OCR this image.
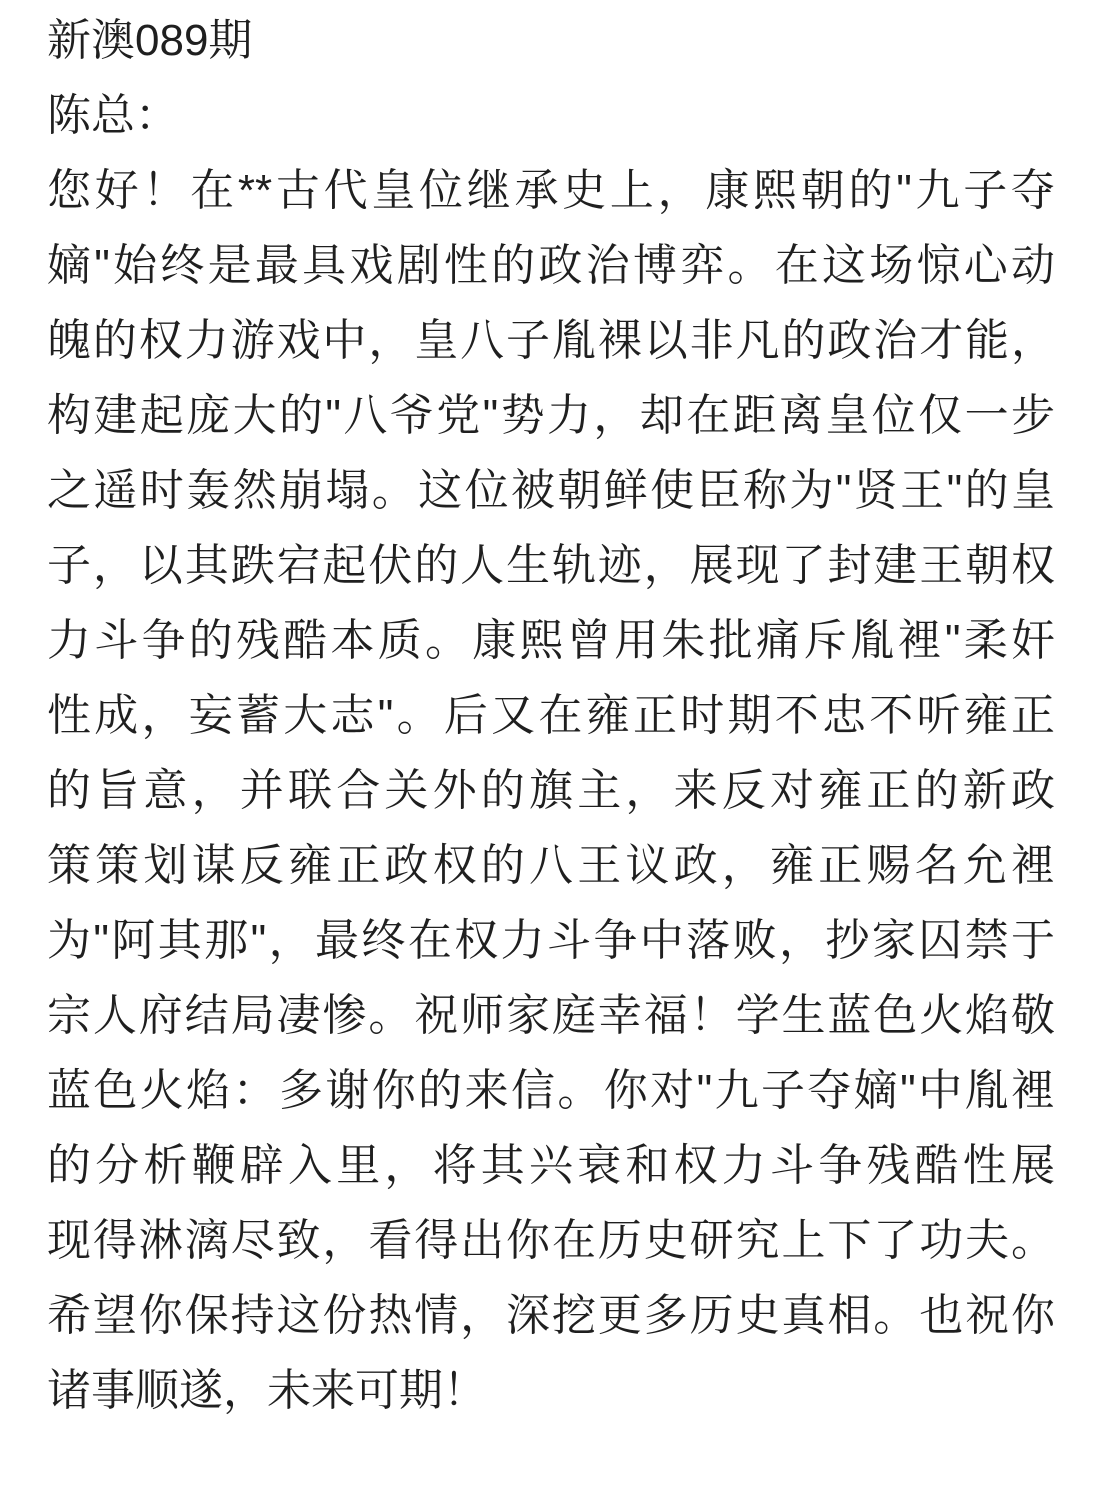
新澳089期
陈总：
您好！在**古代皇位继承史上，康熙朝的"九子夺
嫡"始终是最具戏剧性的政治博弈。在这场惊心动
魄的权力游戏中，皇八子胤裸以非凡的政治才能，
构建起庞大的"八爷党"势力，却在距离皇位仅一步
之遥时轰然崩塌。这位被朝鲜使臣称为"贤王"的皇
子，以其跌宕起伏的人生轨迹，展现了封建王朝权
力斗争的残酷本质。康熙曾用朱批痛斥胤裡"柔奸
性成，妄蓄大志"。后又在雍正时期不忠不听雍正
的旨意，并联合关外的旗主，来反对雍正的新政
策策划谋反雍正政权的八王议政，雍正赐名允裡
为"阿其那"，最终在权力斗争中落败，抄家囚禁于
宗人府结局凄惨。祝师家庭幸福！学生蓝色火焰敬
蓝色火焰：多谢你的来信。你对"九子夺嫡"中胤裡
的分析鞭辟入里，将其兴衰和权力斗争残酷性展
现得淋漓尽致，看得出你在历史研究上下了功夫。
希望你保持这份热情，深挖更多历史真相。也祝你
诸事顺遂，未来可期！
